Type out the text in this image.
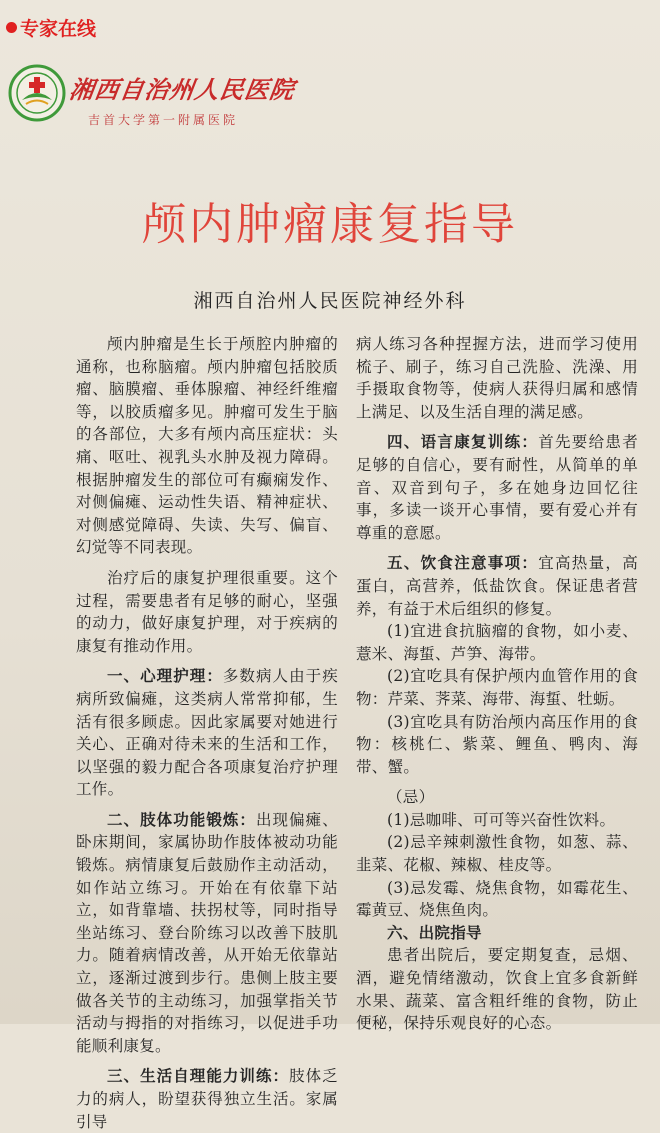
专家在线
湘西自治州人民医院
吉首大学第一附属医院
颅内肿瘤康复指导
湘西自治州人民医院神经外科

颅内肿瘤是生长于颅腔内肿瘤的通称，也称脑瘤。颅内肿瘤包括胶质瘤、脑膜瘤、垂体腺瘤、神经纤维瘤等，以胶质瘤多见。肿瘤可发生于脑的各部位，大多有颅内高压症状：头痛、呕吐、视乳头水肿及视力障碍。根据肿瘤发生的部位可有癫痫发作、对侧偏瘫、运动性失语、精神症状、对侧感觉障碍、失读、失写、偏盲、幻觉等不同表现。

治疗后的康复护理很重要。这个过程，需要患者有足够的耐心，坚强的动力，做好康复护理，对于疾病的康复有推动作用。

一、心理护理：多数病人由于疾病所致偏瘫，这类病人常常抑郁，生活有很多顾虑。因此家属要对她进行关心、正确对待未来的生活和工作，以坚强的毅力配合各项康复治疗护理工作。

二、肢体功能锻炼：出现偏瘫、卧床期间，家属协助作肢体被动功能锻炼。病情康复后鼓励作主动活动，如作站立练习。开始在有依靠下站立，如背靠墙、扶拐杖等，同时指导坐站练习、登台阶练习以改善下肢肌力。随着病情改善，从开始无依靠站立，逐渐过渡到步行。患侧上肢主要做各关节的主动练习，加强掌指关节活动与拇指的对指练习，以促进手功能顺利康复。

三、生活自理能力训练：肢体乏力的病人，盼望获得独立生活。家属引导

病人练习各种捏握方法，进而学习使用梳子、刷子，练习自己洗脸、洗澡、用手摄取食物等，使病人获得归属和感情上满足、以及生活自理的满足感。

四、语言康复训练：首先要给患者足够的自信心，要有耐性，从简单的单音、双音到句子，多在她身边回忆往事，多读一谈开心事情，要有爱心并有尊重的意愿。

五、饮食注意事项：宜高热量，高蛋白，高营养，低盐饮食。保证患者营养，有益于术后组织的修复。

(1)宜进食抗脑瘤的食物，如小麦、薏米、海蜇、芦笋、海带。

(2)宜吃具有保护颅内血管作用的食物：芹菜、荠菜、海带、海蜇、牡蛎。

(3)宜吃具有防治颅内高压作用的食物：核桃仁、紫菜、鲤鱼、鸭肉、海带、蟹。

（忌）

(1)忌咖啡、可可等兴奋性饮料。

(2)忌辛辣刺激性食物，如葱、蒜、韭菜、花椒、辣椒、桂皮等。

(3)忌发霉、烧焦食物，如霉花生、霉黄豆、烧焦鱼肉。

六、出院指导

患者出院后，要定期复查，忌烟、酒，避免情绪激动，饮食上宜多食新鲜水果、蔬菜、富含粗纤维的食物，防止便秘，保持乐观良好的心态。
